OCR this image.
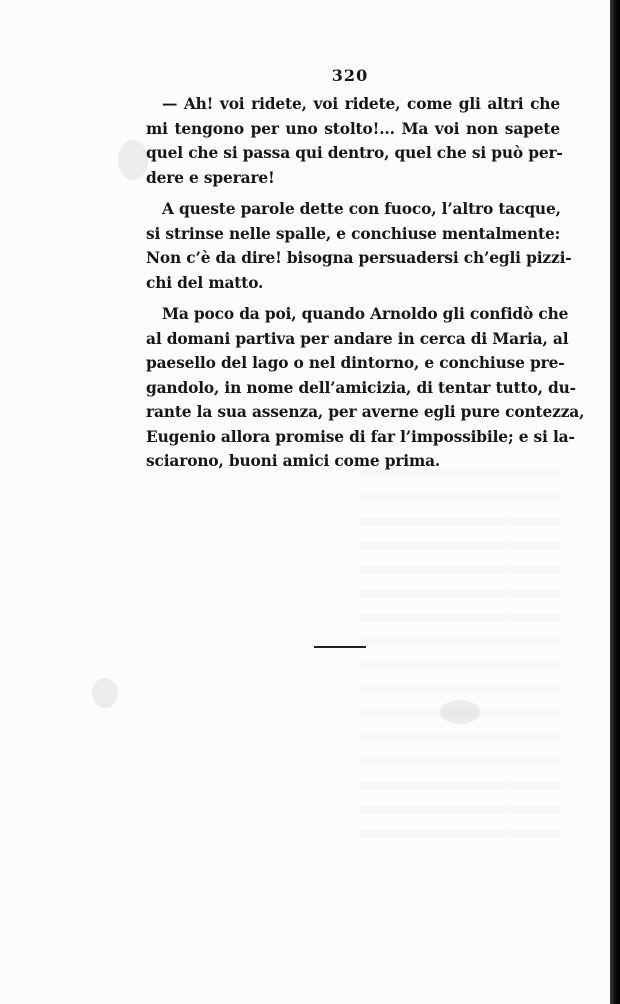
320
— Ah! voi ridete, voi ridete, come gli altri che
mi tengono per uno stolto!... Ma voi non sapete
quel che si passa qui dentro, quel che si può per-
dere e sperare!
A queste parole dette con fuoco, l’altro tacque,
si strinse nelle spalle, e conchiuse mentalmente:
Non c’è da dire! bisogna persuadersi ch’egli pizzi-
chi del matto.
Ma poco da poi, quando Arnoldo gli confidò che
al domani partiva per andare in cerca di Maria, al
paesello del lago o nel dintorno, e conchiuse pre-
gandolo, in nome dell’amicizia, di tentar tutto, du-
rante la sua assenza, per averne egli pure contezza,
Eugenio allora promise di far l’impossibile; e si la-
sciarono, buoni amici come prima.
